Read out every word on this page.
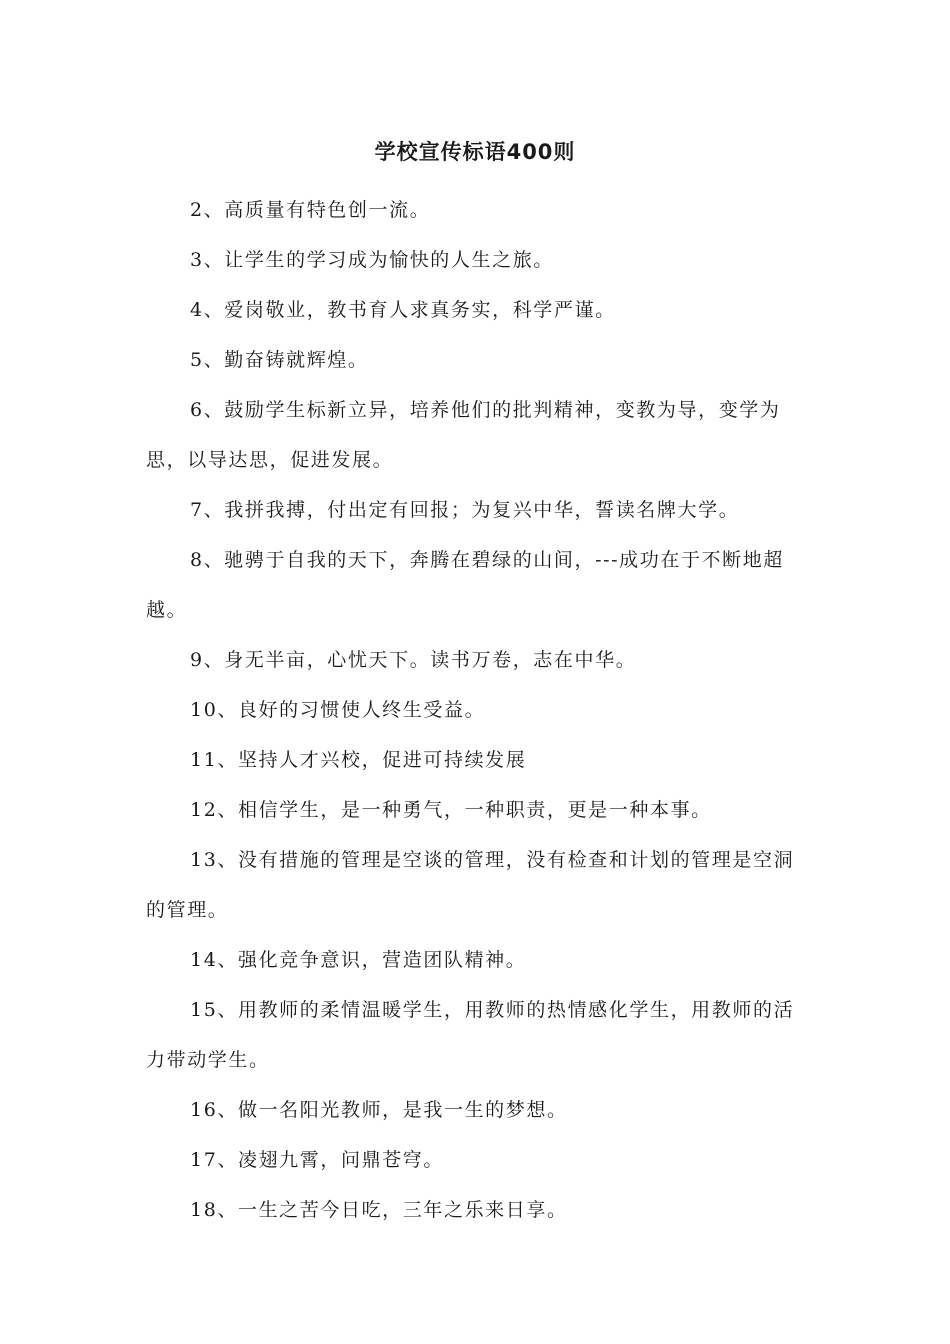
学校宣传标语400则

2、高质量有特色创一流。

3、让学生的学习成为愉快的人生之旅。

4、爱岗敬业，教书育人求真务实，科学严谨。

5、勤奋铸就辉煌。

6、鼓励学生标新立异，培养他们的批判精神，变教为导，变学为思，以导达思，促进发展。

7、我拼我搏，付出定有回报；为复兴中华，誓读名牌大学。

8、驰骋于自我的天下，奔腾在碧绿的山间，---成功在于不断地超越。

9、身无半亩，心忧天下。读书万卷，志在中华。

10、良好的习惯使人终生受益。

11、坚持人才兴校，促进可持续发展

12、相信学生，是一种勇气，一种职责，更是一种本事。

13、没有措施的管理是空谈的管理，没有检查和计划的管理是空洞的管理。

14、强化竞争意识，营造团队精神。

15、用教师的柔情温暖学生，用教师的热情感化学生，用教师的活力带动学生。

16、做一名阳光教师，是我一生的梦想。

17、凌翅九霄，问鼎苍穹。

18、一生之苦今日吃，三年之乐来日享。
